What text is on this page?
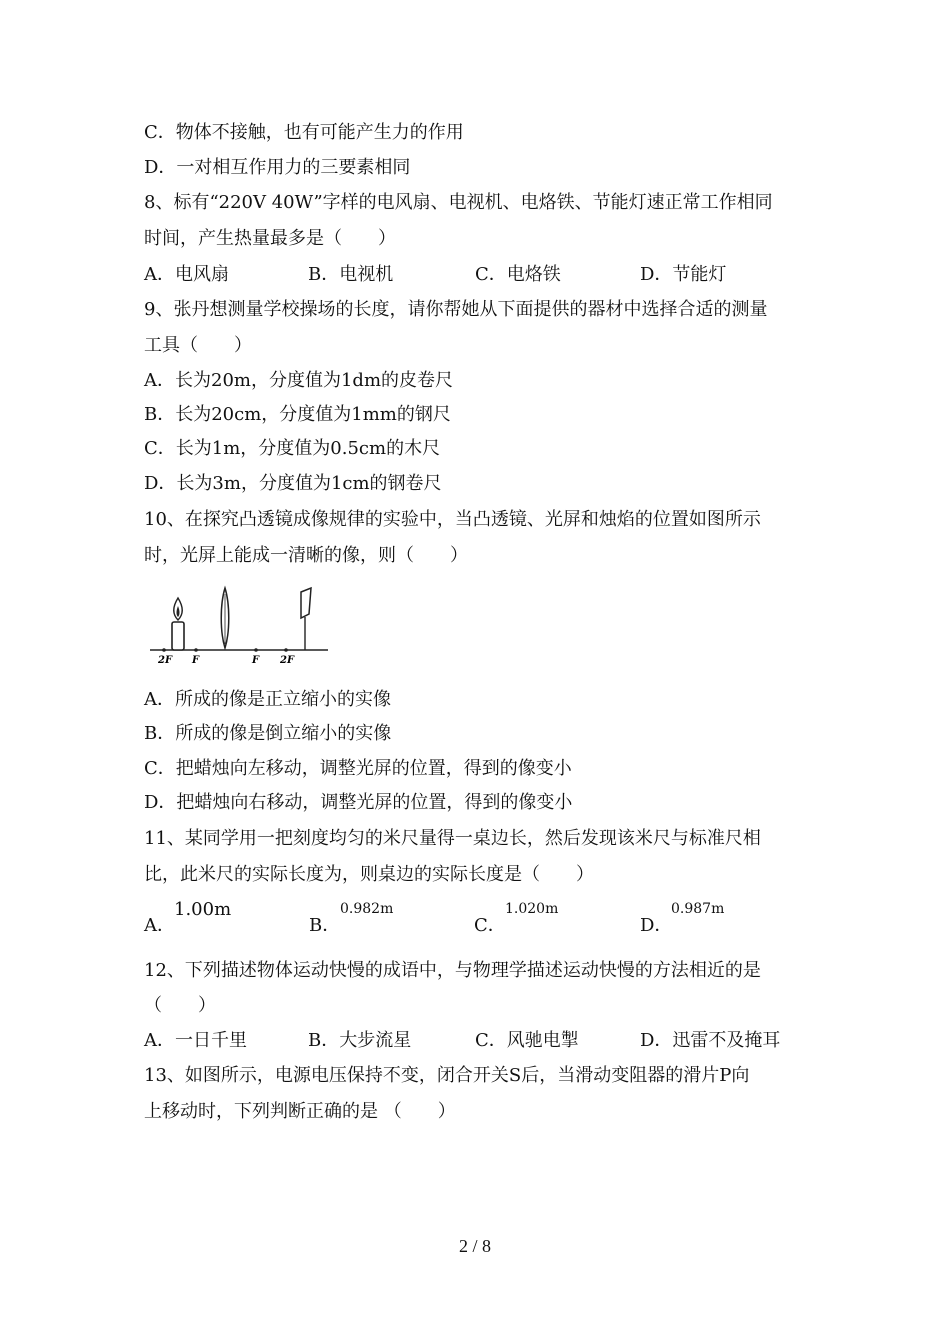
C．物体不接触，也有可能产生力的作用
D．一对相互作用力的三要素相同
8、标有“220V 40W”字样的电风扇、电视机、电烙铁、节能灯速正常工作相同
时间，产生热量最多是（　　）
A．电风扇	B．电视机	C．电烙铁	D．节能灯
9、张丹想测量学校操场的长度，请你帮她从下面提供的器材中选择合适的测量
工具（　　）
A．长为20m，分度值为1dm的皮卷尺
B．长为20cm，分度值为1mm的钢尺
C．长为1m，分度值为0.5cm的木尺
D．长为3m，分度值为1cm的钢卷尺
10、在探究凸透镜成像规律的实验中，当凸透镜、光屏和烛焰的位置如图所示
时，光屏上能成一清晰的像，则（　　）
2F F	F 2F
A．所成的像是正立缩小的实像
B．所成的像是倒立缩小的实像
C．把蜡烛向左移动，调整光屏的位置，得到的像变小
D．把蜡烛向右移动，调整光屏的位置，得到的像变小
11、某同学用一把刻度均匀的米尺量得一桌边长，然后发现该米尺与标准尺相
比，此米尺的实际长度为，则桌边的实际长度是（　　）
A．
1.00m
B．
0.982m
C．
1.020m
D．
0.987m
12、下列描述物体运动快慢的成语中，与物理学描述运动快慢的方法相近的是
（　　）
A．一日千里	B．大步流星	C．风驰电掣	D．迅雷不及掩耳
13、如图所示，电源电压保持不变，闭合开关S后，当滑动变阻器的滑片P向
上移动时，下列判断正确的是 （　　）
2 / 8
